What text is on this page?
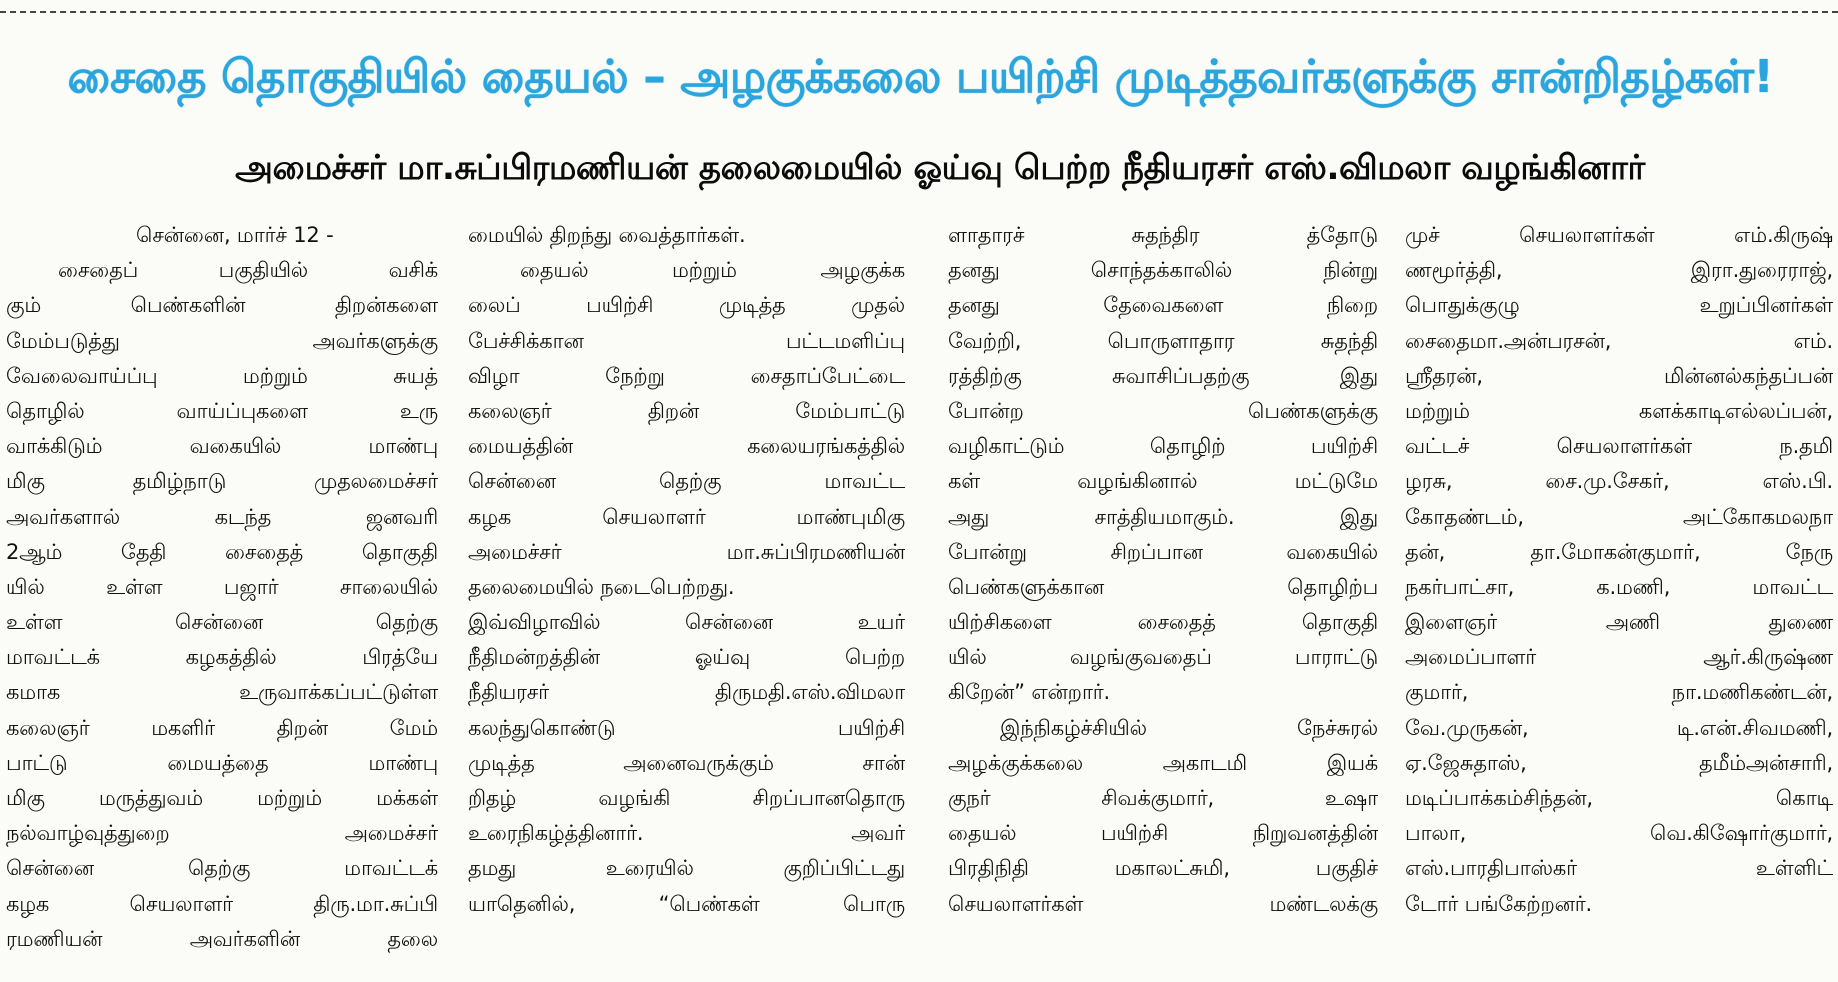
சைதை தொகுதியில் தையல் – அழகுக்கலை பயிற்சி முடித்தவர்களுக்கு சான்றிதழ்கள்!
அமைச்சர் மா.சுப்பிரமணியன் தலைமையில் ஓய்வு பெற்ற நீதியரசர் எஸ்.விமலா வழங்கினார்
சென்னை, மார்ச் 12 -
சைதைப் பகுதியில் வசிக்
கும் பெண்களின் திறன்களை
மேம்படுத்து அவர்களுக்கு
வேலைவாய்ப்பு மற்றும் சுயத்
தொழில் வாய்ப்புகளை உரு
வாக்கிடும் வகையில் மாண்பு
மிகு தமிழ்நாடு முதலமைச்சர்
அவர்களால் கடந்த ஜனவரி
2ஆம் தேதி சைதைத் தொகுதி
யில் உள்ள பஜார் சாலையில்
உள்ள சென்னை தெற்கு
மாவட்டக் கழகத்தில் பிரத்யே
கமாக உருவாக்கப்பட்டுள்ள
கலைஞர் மகளிர் திறன் மேம்
பாட்டு மையத்தை மாண்பு
மிகு மருத்துவம் மற்றும் மக்கள்
நல்வாழ்வுத்துறை அமைச்சர்
சென்னை தெற்கு மாவட்டக்
கழக செயலாளர் திரு.மா.சுப்பி
ரமணியன் அவர்களின் தலை
மையில் திறந்து வைத்தார்கள்.
தையல் மற்றும் அழகுக்க
லைப் பயிற்சி முடித்த முதல்
பேச்சிக்கான பட்டமளிப்பு
விழா நேற்று சைதாப்பேட்டை
கலைஞர் திறன் மேம்பாட்டு
மையத்தின் கலையரங்கத்தில்
சென்னை தெற்கு மாவட்ட
கழக செயலாளர் மாண்புமிகு
அமைச்சர் மா.சுப்பிரமணியன்
தலைமையில் நடைபெற்றது.
இவ்விழாவில் சென்னை உயர்
நீதிமன்றத்தின் ஓய்வு பெற்ற
நீதியரசர் திருமதி.எஸ்.விமலா
கலந்துகொண்டு பயிற்சி
முடித்த அனைவருக்கும் சான்
றிதழ் வழங்கி சிறப்பானதொரு
உரைநிகழ்த்தினார். அவர்
தமது உரையில் குறிப்பிட்டது
யாதெனில், “பெண்கள் பொரு
ளாதாரச் சுதந்திர த்தோடு
தனது சொந்தக்காலில் நின்று
தனது தேவைகளை நிறை
வேற்றி, பொருளாதார சுதந்தி
ரத்திற்கு சுவாசிப்பதற்கு இது
போன்ற பெண்களுக்கு
வழிகாட்டும் தொழிற் பயிற்சி
கள் வழங்கினால் மட்டுமே
அது சாத்தியமாகும். இது
போன்று சிறப்பான வகையில்
பெண்களுக்கான தொழிற்ப
யிற்சிகளை சைதைத் தொகுதி
யில் வழங்குவதைப் பாராட்டு
கிறேன்” என்றார்.
இந்நிகழ்ச்சியில் நேச்சுரல்
அழக்குக்கலை அகாடமி இயக்
குநர் சிவக்குமார், உஷா
தையல் பயிற்சி நிறுவனத்தின்
பிரதிநிதி மகாலட்சுமி, பகுதிச்
செயலாளர்கள் மண்டலக்கு
முச் செயலாளர்கள் எம்.கிருஷ்
ணமூர்த்தி, இரா.துரைராஜ்,
பொதுக்குழு உறுப்பினர்கள்
சைதைமா.அன்பரசன், எம்.
ஸ்ரீதரன், மின்னல்கந்தப்பன்
மற்றும் களக்காடிஎல்லப்பன்,
வட்டச் செயலாளர்கள் ந.தமி
ழரசு, சை.மு.சேகர், எஸ்.பி.
கோதண்டம், அட்கோகமலநா
தன், தா.மோகன்குமார், நேரு
நகர்பாட்சா, க.மணி, மாவட்ட
இளைஞர் அணி துணை
அமைப்பாளர் ஆர்.கிருஷ்ண
குமார், நா.மணிகண்டன்,
வே.முருகன், டி.என்.சிவமணி,
ஏ.ஜேசுதாஸ், தமீம்அன்சாரி,
மடிப்பாக்கம்சிந்தன், கொடி
பாலா, வெ.கிஷோர்குமார்,
எஸ்.பாரதிபாஸ்கர் உள்ளிட்
டோர் பங்கேற்றனர்.
